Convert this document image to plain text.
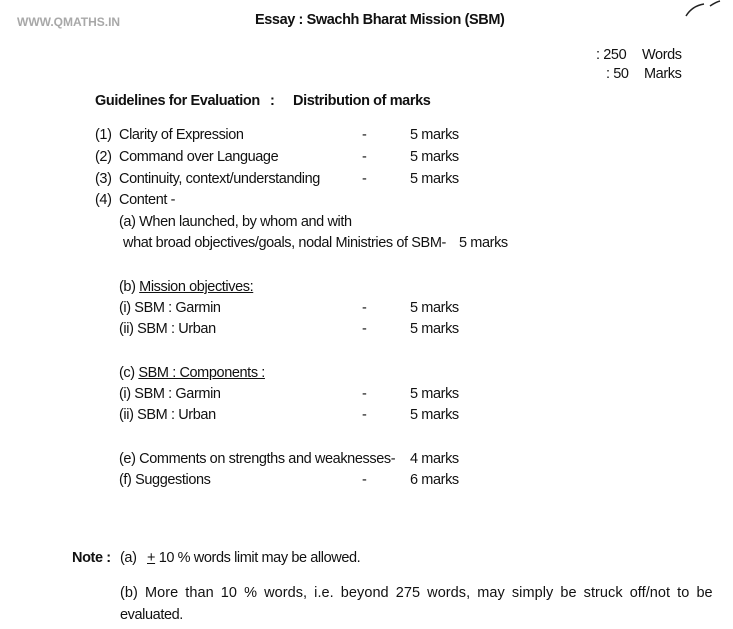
WWW.QMATHS.IN	Essay : Swachh Bharat Mission (SBM)
: 250 Words
: 50 Marks
Guidelines for Evaluation : Distribution of marks
(1) Clarity of Expression	-	5 marks
(2) Command over Language	-	5 marks
(3) Continuity, context/understanding	-	5 marks
(4) Content -
(a) When launched, by whom and with
what broad objectives/goals, nodal Ministries of SBM- 5 marks
(b) Mission objectives:
(i) SBM : Garmin	-	5 marks
(ii) SBM : Urban	-	5 marks
(c) SBM : Components :
(i) SBM : Garmin	-	5 marks
(ii) SBM : Urban	-	5 marks
(e) Comments on strengths and weaknesses- 4 marks
(f) Suggestions	-	6 marks
Note : (a) + 10 % words limit may be allowed.
(b) More than 10 % words, i.e. beyond 275 words, may simply be struck off/not to be
evaluated.
